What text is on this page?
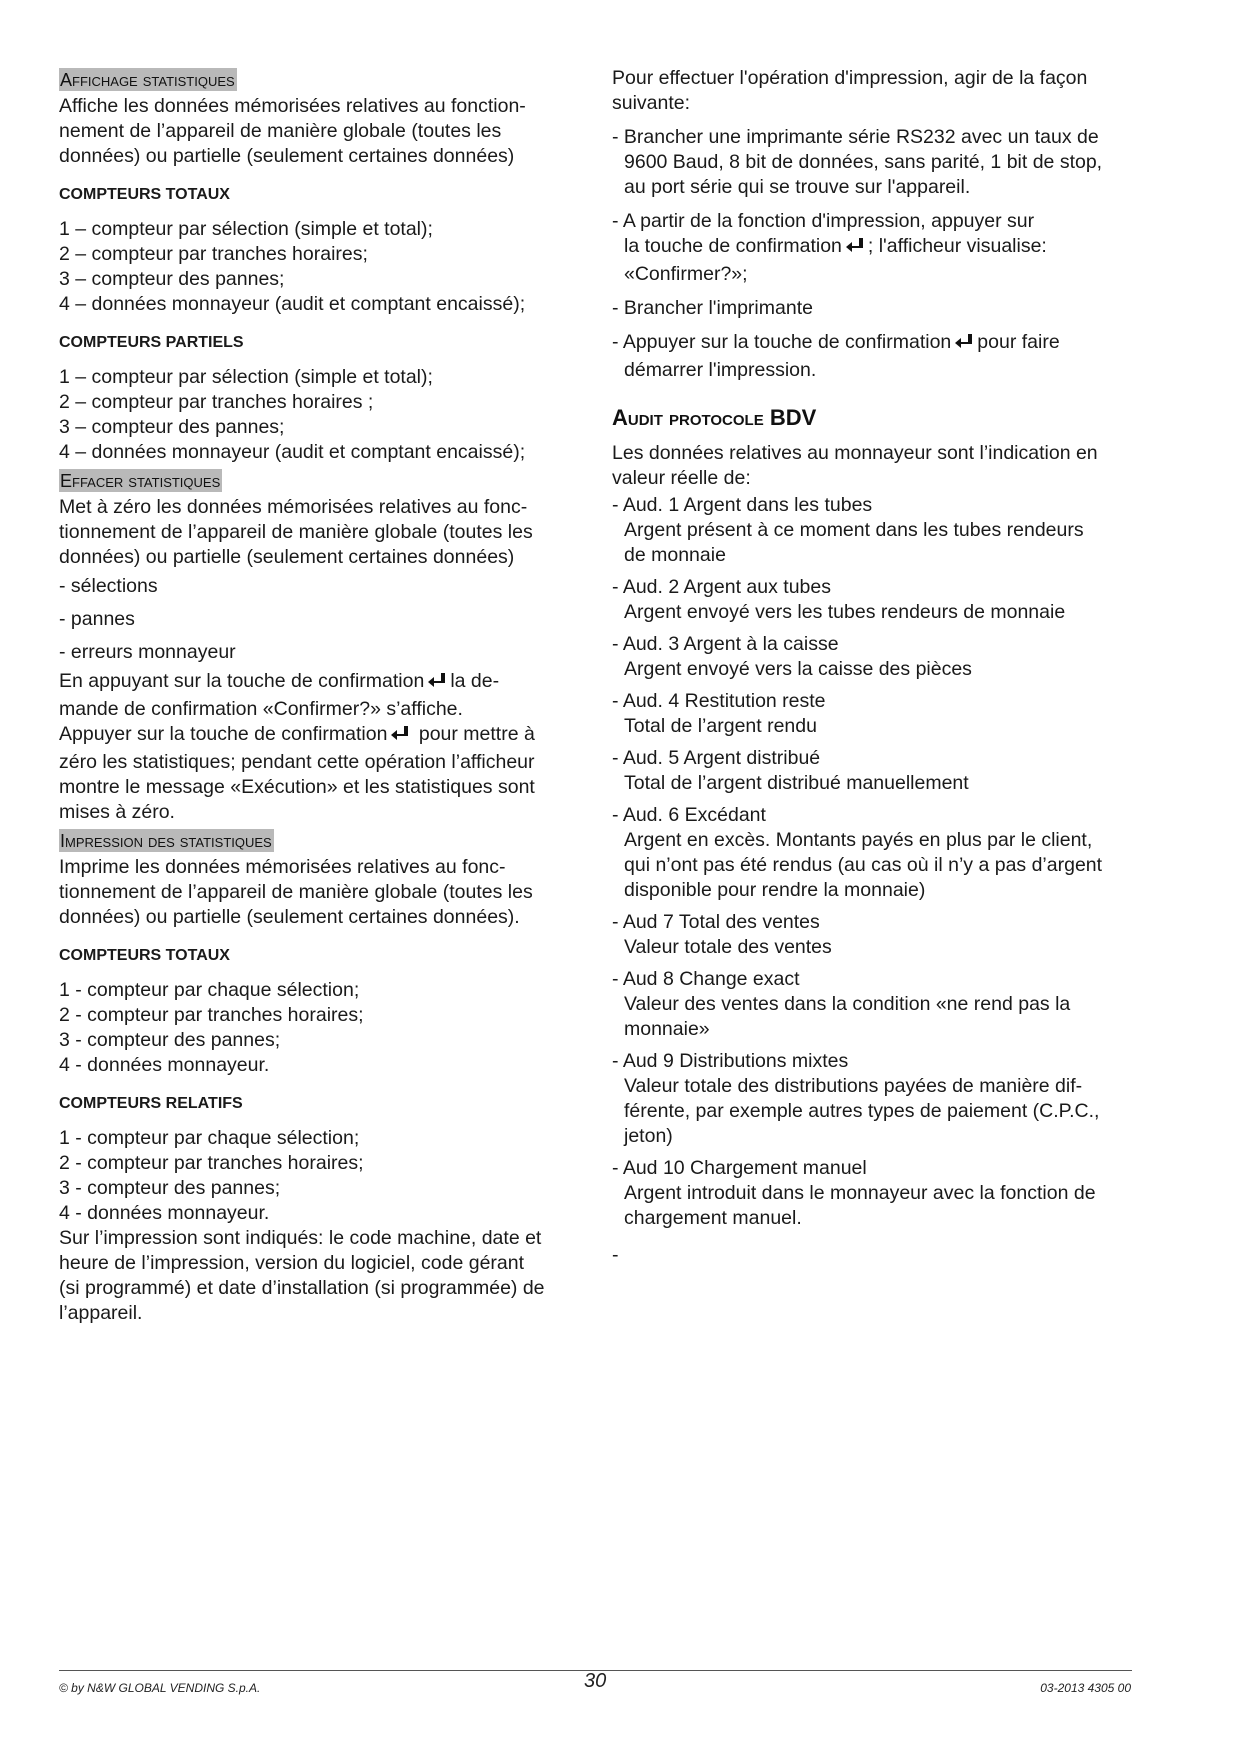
Affichage statistiques
Affiche les données mémorisées relatives au fonction-
nement de l’appareil de manière globale (toutes les
données) ou partielle (seulement certaines données)
COMPTEURS TOTAUX
1 – compteur par sélection (simple et total);
2 – compteur par tranches horaires;
3 – compteur des pannes;
4 – données monnayeur (audit et comptant encaissé);
COMPTEURS PARTIELS
1 – compteur par sélection (simple et total);
2 – compteur par tranches horaires ;
3 – compteur des pannes;
4 – données monnayeur (audit et comptant encaissé);
Effacer statistiques
Met à zéro les données mémorisées relatives au fonc-
tionnement de l’appareil de manière globale (toutes les
données) ou partielle (seulement certaines données)
- sélections
- pannes
- erreurs monnayeur
En appuyant sur la touche de confirmation la de-
mande de confirmation «Confirmer?» s’affiche.
Appuyer sur la touche de confirmation pour mettre à
zéro les statistiques; pendant cette opération l’afficheur
montre le message «Exécution» et les statistiques sont
mises à zéro.
Impression des statistiques
Imprime les données mémorisées relatives au fonc-
tionnement de l’appareil de manière globale (toutes les
données) ou partielle (seulement certaines données).
COMPTEURS TOTAUX
1 - compteur par chaque sélection;
2 - compteur par tranches horaires;
3 - compteur des pannes;
4 - données monnayeur.
COMPTEURS RELATIFS
1 - compteur par chaque sélection;
2 - compteur par tranches horaires;
3 - compteur des pannes;
4 - données monnayeur.
Sur l’impression sont indiqués: le code machine, date et
heure de l’impression, version du logiciel, code gérant
(si programmé) et date d’installation (si programmée) de
l’appareil.
Pour effectuer l'opération d'impression, agir de la façon
suivante:
- Brancher une imprimante série RS232 avec un taux de
9600 Baud, 8 bit de données, sans parité, 1 bit de stop,
au port série qui se trouve sur l'appareil.
- A partir de la fonction d'impression, appuyer sur
la touche de confirmation ; l'afficheur visualise:
«Confirmer?»;
- Brancher l'imprimante
- Appuyer sur la touche de confirmation pour faire
démarrer l'impression.
Audit protocole BDV
Les données relatives au monnayeur sont l’indication en
valeur réelle de:
- Aud. 1 Argent dans les tubes
Argent présent à ce moment dans les tubes rendeurs
de monnaie
- Aud. 2 Argent aux tubes
Argent envoyé vers les tubes rendeurs de monnaie
- Aud. 3 Argent à la caisse
Argent envoyé vers la caisse des pièces
- Aud. 4 Restitution reste
Total de l’argent rendu
- Aud. 5 Argent distribué
Total de l’argent distribué manuellement
- Aud. 6 Excédant
Argent en excès. Montants payés en plus par le client,
qui n’ont pas été rendus (au cas où il n’y a pas d’argent
disponible pour rendre la monnaie)
- Aud 7 Total des ventes
Valeur totale des ventes
- Aud 8 Change exact
Valeur des ventes dans la condition «ne rend pas la
monnaie»
- Aud 9 Distributions mixtes
Valeur totale des distributions payées de manière dif-
férente, par exemple autres types de paiement (C.P.C.,
jeton)
- Aud 10 Chargement manuel
Argent introduit dans le monnayeur avec la fonction de
chargement manuel.
-
© by N&W GLOBAL VENDING S.p.A.	30	03-2013 4305 00
